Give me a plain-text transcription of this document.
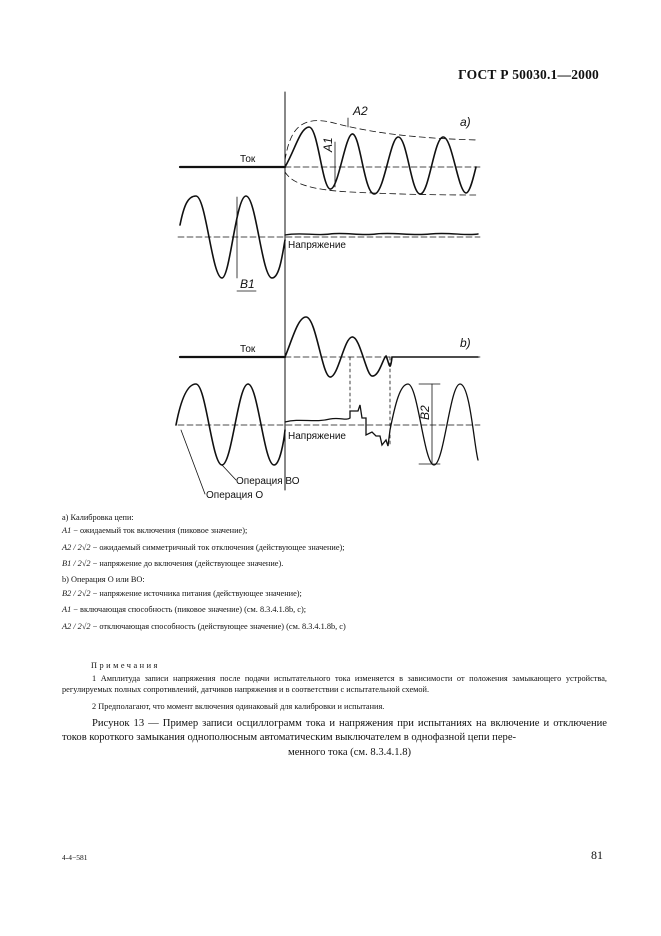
ГОСТ Р 50030.1—2000
a)
Ток
Напряжение
A2
A1
B1
b)
Ток
Напряжение
B2
Операция ВО
Операция О
а) Калибровка цепи:
A1 − ожидаемый ток включения (пиковое значение);
A2 / 2√2 − ожидаемый симметричный ток отключения (действующее значение);
B1 / 2√2 − напряжение до включения (действующее значение).
b) Операция О или ВО:
B2 / 2√2 − напряжение источника питания (действующее значение);
A1 − включающая способность (пиковое значение) (см. 8.3.4.1.8b, с);
A2 / 2√2 − отключающая способность (действующее значение) (см. 8.3.4.1.8b, с)
Примечания
1 Амплитуда записи напряжения после подачи испытательного тока изменяется в зависимости от положения замыкающего устройства, регулируемых полных сопротивлений, датчиков напряжения и в соответствии с испытательной схемой.
2 Предполагают, что момент включения одинаковый для калибровки и испытания.
Рисунок 13 — Пример записи осциллограмм тока и напряжения при испытаниях на включение и отключение токов короткого замыкания однополюсным автоматическим выключателем в однофазной цепи пере-
менного тока (см. 8.3.4.1.8)
4-4−581	81
